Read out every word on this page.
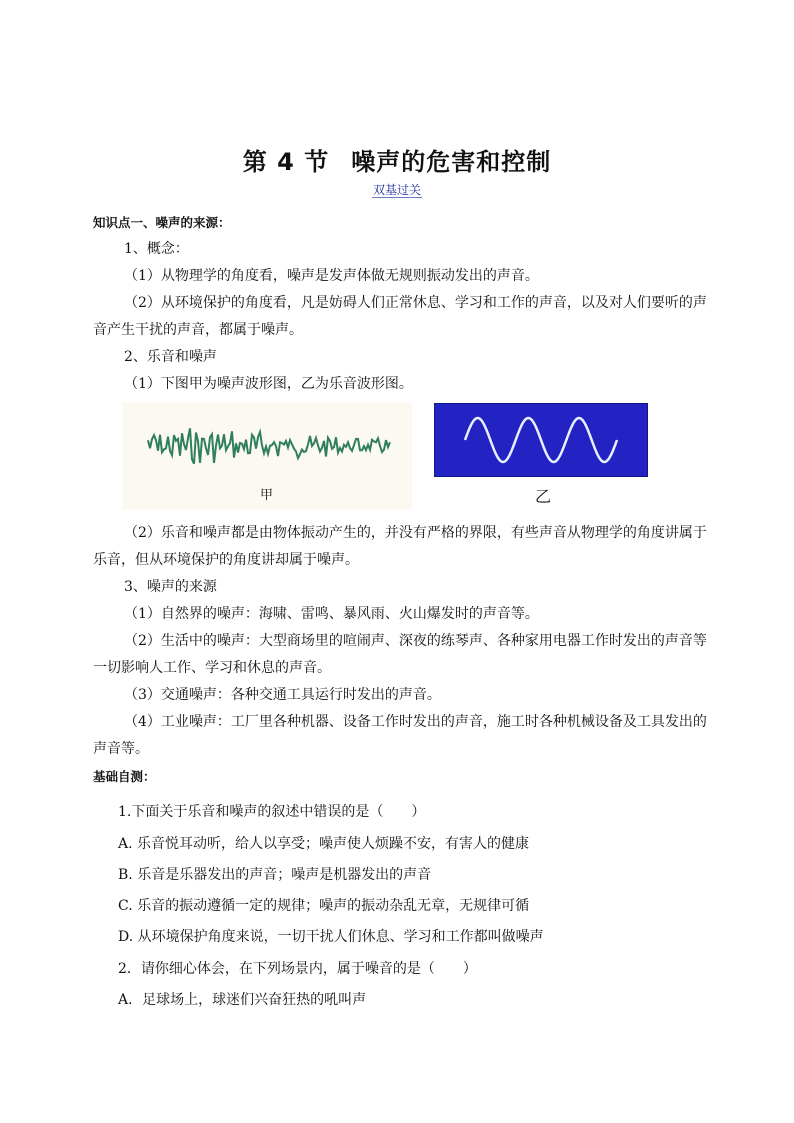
第 4 节 噪声的危害和控制
双基过关
知识点一、噪声的来源：
1、概念：
（1）从物理学的角度看，噪声是发声体做无规则振动发出的声音。
（2）从环境保护的角度看，凡是妨碍人们正常休息、学习和工作的声音，以及对人们要听的声
音产生干扰的声音，都属于噪声。
2、乐音和噪声
（1）下图甲为噪声波形图，乙为乐音波形图。
甲	乙
（2）乐音和噪声都是由物体振动产生的，并没有严格的界限，有些声音从物理学的角度讲属于
乐音，但从环境保护的角度讲却属于噪声。
3、噪声的来源
（1）自然界的噪声：海啸、雷鸣、暴风雨、火山爆发时的声音等。
（2）生活中的噪声：大型商场里的喧闹声、深夜的练琴声、各种家用电器工作时发出的声音等
一切影响人工作、学习和休息的声音。
（3）交通噪声：各种交通工具运行时发出的声音。
（4）工业噪声：工厂里各种机器、设备工作时发出的声音，施工时各种机械设备及工具发出的
声音等。
基础自测：
1.下面关于乐音和噪声的叙述中错误的是（　　）
A. 乐音悦耳动听，给人以享受；噪声使人烦躁不安，有害人的健康
B. 乐音是乐器发出的声音；噪声是机器发出的声音
C. 乐音的振动遵循一定的规律；噪声的振动杂乱无章，无规律可循
D. 从环境保护角度来说，一切干扰人们休息、学习和工作都叫做噪声
2．请你细心体会，在下列场景内，属于噪音的是（　　）
A．足球场上，球迷们兴奋狂热的吼叫声
